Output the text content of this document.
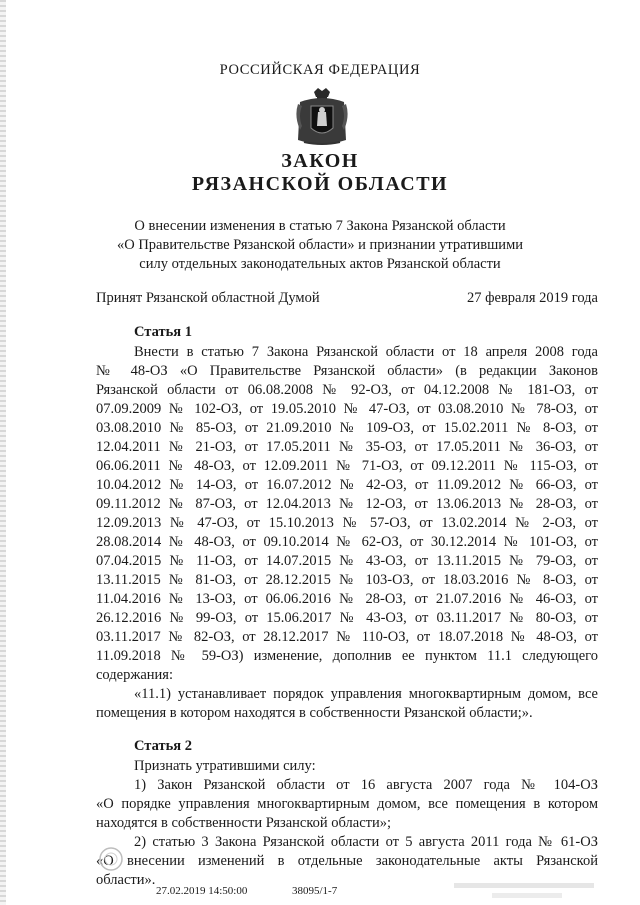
РОССИЙСКАЯ ФЕДЕРАЦИЯ
ЗАКОН
РЯЗАНСКОЙ ОБЛАСТИ
О внесении изменения в статью 7 Закона Рязанской области
«О Правительстве Рязанской области» и признании утратившими
силу отдельных законодательных актов Рязанской области
Принят Рязанской областной Думой	27 февраля 2019 года
Статья 1
Внести в статью 7 Закона Рязанской области от 18 апреля 2008 года
№ 48-ОЗ «О Правительстве Рязанской области» (в редакции Законов
Рязанской области от 06.08.2008 № 92-ОЗ, от 04.12.2008 № 181-ОЗ, от
07.09.2009 № 102-ОЗ, от 19.05.2010 № 47-ОЗ, от 03.08.2010 № 78-ОЗ, от
03.08.2010 № 85-ОЗ, от 21.09.2010 № 109-ОЗ, от 15.02.2011 № 8-ОЗ, от
12.04.2011 № 21-ОЗ, от 17.05.2011 № 35-ОЗ, от 17.05.2011 № 36-ОЗ, от
06.06.2011 № 48-ОЗ, от 12.09.2011 № 71-ОЗ, от 09.12.2011 № 115-ОЗ, от
10.04.2012 № 14-ОЗ, от 16.07.2012 № 42-ОЗ, от 11.09.2012 № 66-ОЗ, от
09.11.2012 № 87-ОЗ, от 12.04.2013 № 12-ОЗ, от 13.06.2013 № 28-ОЗ, от
12.09.2013 № 47-ОЗ, от 15.10.2013 № 57-ОЗ, от 13.02.2014 № 2-ОЗ, от
28.08.2014 № 48-ОЗ, от 09.10.2014 № 62-ОЗ, от 30.12.2014 № 101-ОЗ, от
07.04.2015 № 11-ОЗ, от 14.07.2015 № 43-ОЗ, от 13.11.2015 № 79-ОЗ, от
13.11.2015 № 81-ОЗ, от 28.12.2015 № 103-ОЗ, от 18.03.2016 № 8-ОЗ, от
11.04.2016 № 13-ОЗ, от 06.06.2016 № 28-ОЗ, от 21.07.2016 № 46-ОЗ, от
26.12.2016 № 99-ОЗ, от 15.06.2017 № 43-ОЗ, от 03.11.2017 № 80-ОЗ, от
03.11.2017 № 82-ОЗ, от 28.12.2017 № 110-ОЗ, от 18.07.2018 № 48-ОЗ, от
11.09.2018 № 59-ОЗ) изменение, дополнив ее пунктом 11.1 следующего
содержания:
«11.1) устанавливает порядок управления многоквартирным домом, все
помещения в котором находятся в собственности Рязанской области;».
Статья 2
Признать утратившими силу:
1) Закон Рязанской области от 16 августа 2007 года № 104-ОЗ
«О порядке управления многоквартирным домом, все помещения в котором
находятся в собственности Рязанской области»;
2) статью 3 Закона Рязанской области от 5 августа 2011 года № 61-ОЗ
«О внесении изменений в отдельные законодательные акты Рязанской
области».
27.02.2019 14:50:00	38095/1-7
